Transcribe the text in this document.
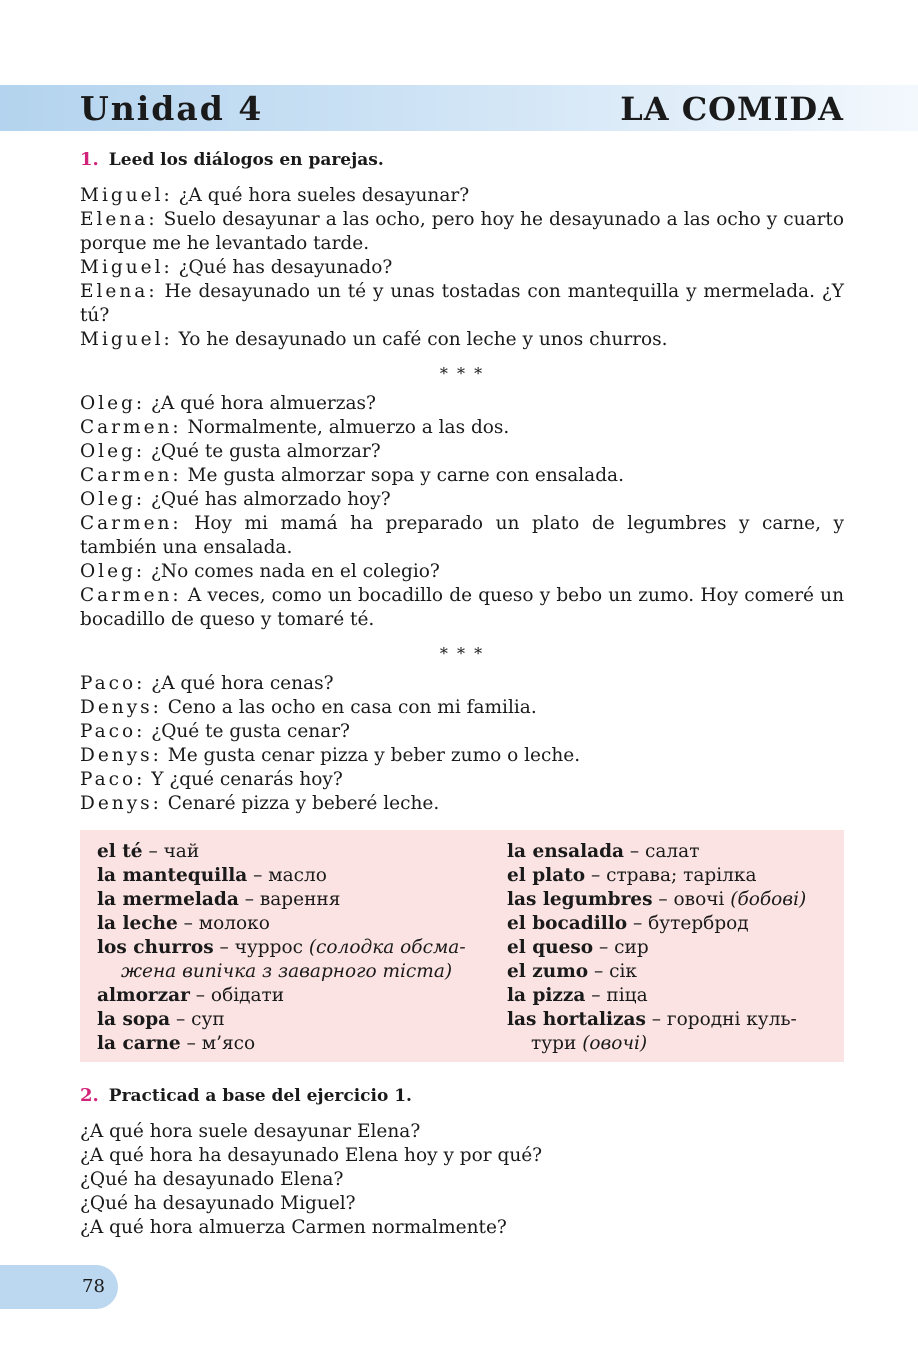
Unidad 4	LA COMIDA
1. Leed los diálogos en parejas.
Miguel: ¿A qué hora sueles desayunar?
Elena: Suelo desayunar a las ocho, pero hoy he desayunado a las ocho y cuarto porque me he levantado tarde.
Miguel: ¿Qué has desayunado?
Elena: He desayunado un té y unas tostadas con mantequilla y mermelada. ¿Y tú?
Miguel: Yo he desayunado un café con leche y unos churros.
* * *
Oleg: ¿A qué hora almuerzas?
Carmen: Normalmente, almuerzo a las dos.
Oleg: ¿Qué te gusta almorzar?
Carmen: Me gusta almorzar sopa y carne con ensalada.
Oleg: ¿Qué has almorzado hoy?
Carmen: Hoy mi mamá ha preparado un plato de legumbres y carne, y también una ensalada.
Oleg: ¿No comes nada en el colegio?
Carmen: A veces, como un bocadillo de queso y bebo un zumo. Hoy comeré un bocadillo de queso y tomaré té.
* * *
Paco: ¿A qué hora cenas?
Denys: Ceno a las ocho en casa con mi familia.
Paco: ¿Qué te gusta cenar?
Denys: Me gusta cenar pizza y beber zumo o leche.
Paco: Y ¿qué cenarás hoy?
Denys: Cenaré pizza y beberé leche.
el té – чай
la mantequilla – масло
la mermelada – варення
la leche – молоко
los churros – чуррос (солодка обсма-
жена випічка з заварного тіста)
almorzar – обідати
la sopa – суп
la carne – м’ясо
la ensalada – салат
el plato – страва; тарілка
las legumbres – овочі (бобові)
el bocadillo – бутерброд
el queso – сир
el zumo – сік
la pizza – піца
las hortalizas – городні куль-
тури (овочі)
2. Practicad a base del ejercicio 1.
¿A qué hora suele desayunar Elena?
¿A qué hora ha desayunado Elena hoy y por qué?
¿Qué ha desayunado Elena?
¿Qué ha desayunado Miguel?
¿A qué hora almuerza Carmen normalmente?
78
